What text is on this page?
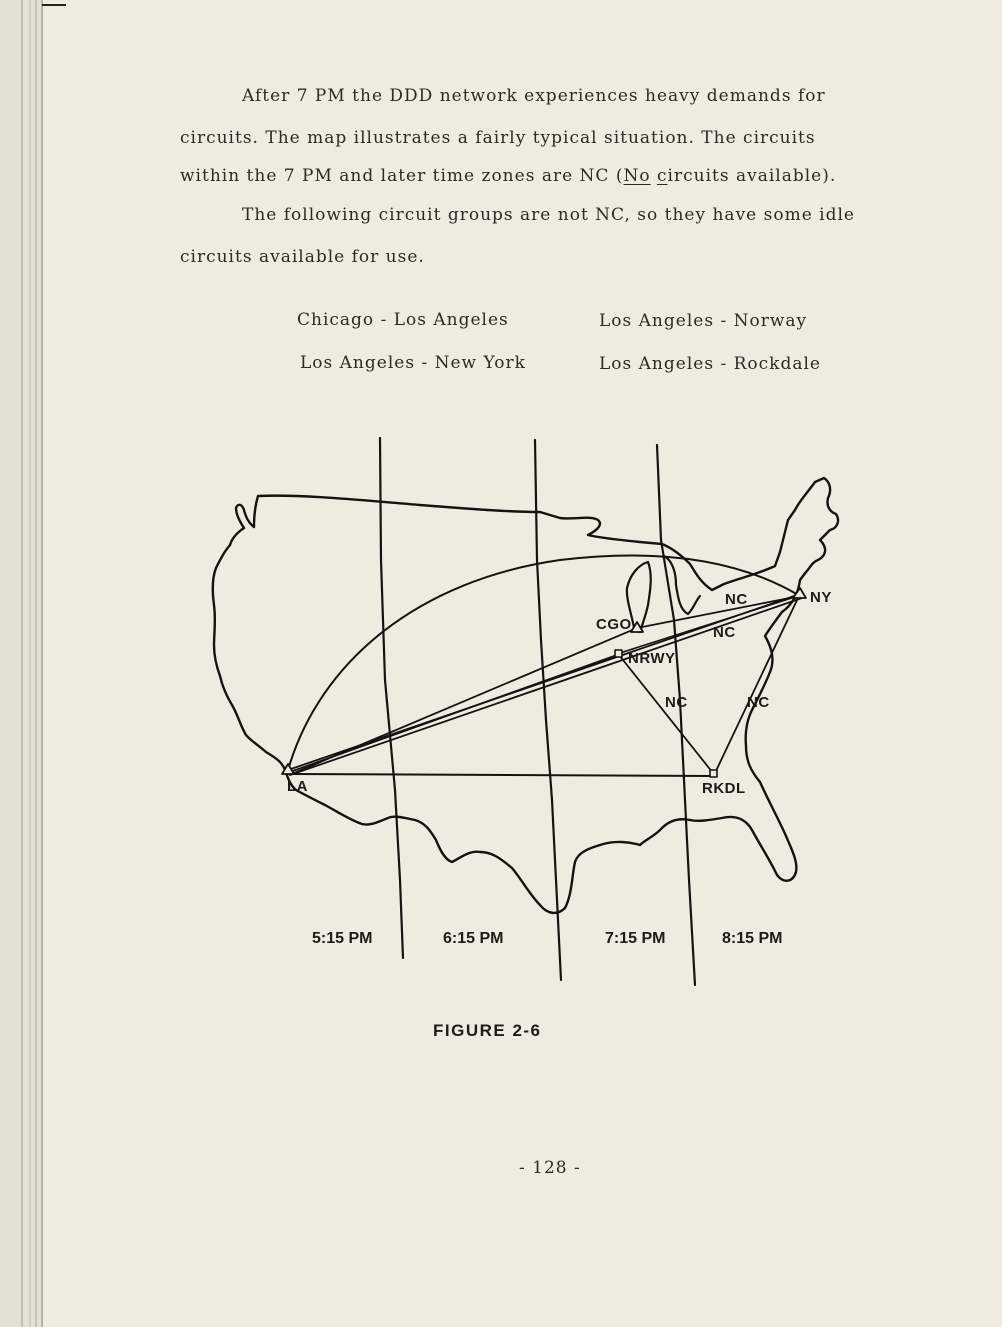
After 7 PM the DDD network experiences heavy demands for
circuits. The map illustrates a fairly typical situation. The circuits
within the 7 PM and later time zones are NC (No circuits available).
The following circuit groups are not NC, so they have some idle
circuits available for use.
Chicago - Los Angeles	Los Angeles - Norway
Los Angeles - New York	Los Angeles - Rockdale
LA
CGO
NRWY
NY
RKDL
NC
NC
NC	NC
5:15 PM	6:15 PM	7:15 PM	8:15 PM
FIGURE 2-6
- 128 -
